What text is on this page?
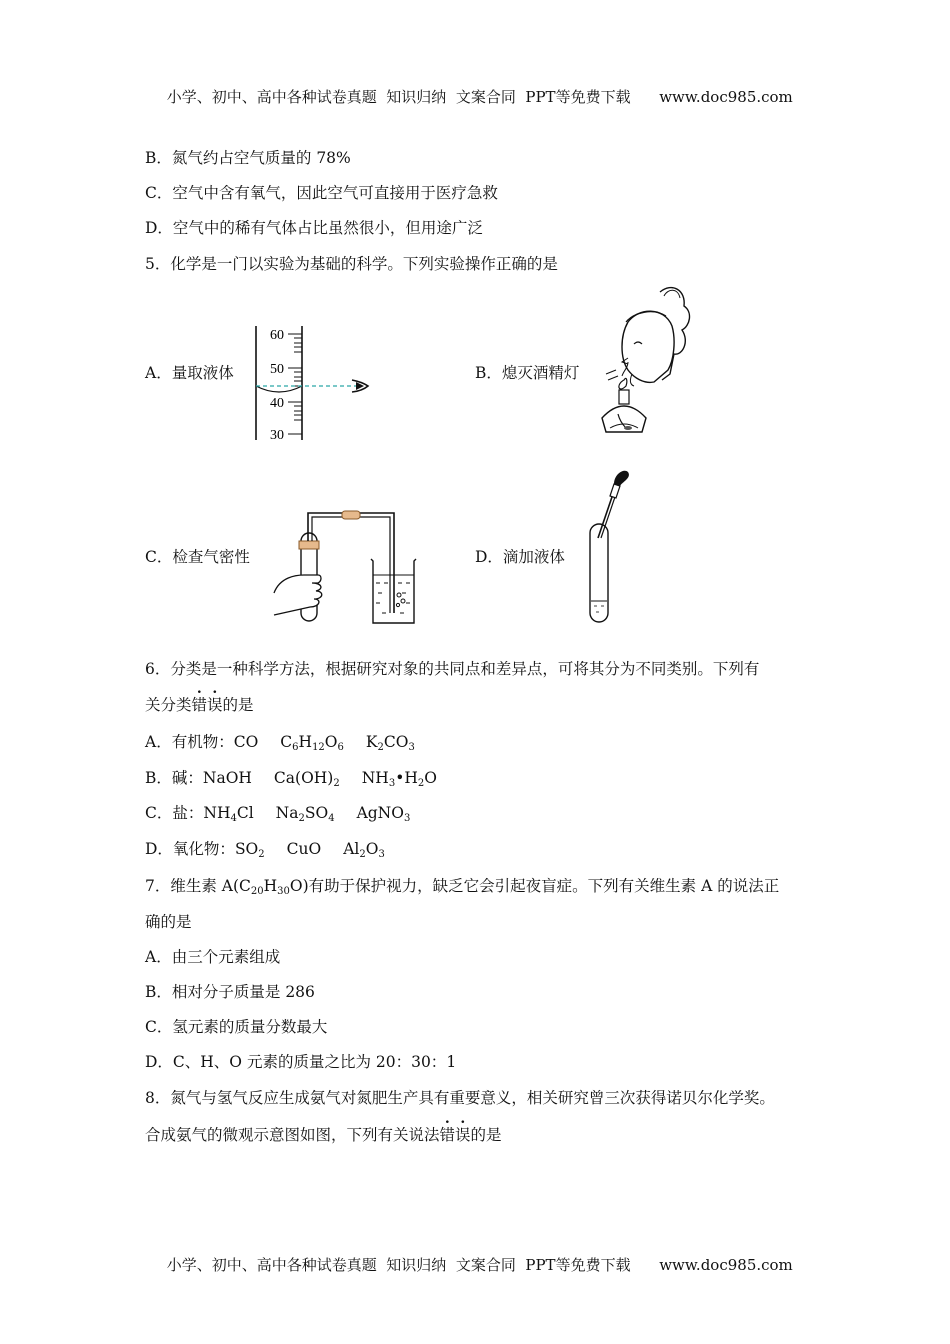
小学、初中、高中各种试卷真题  知识归纳  文案合同  PPT等免费下载 www.doc985.com

B．氮气约占空气质量的 78%
C．空气中含有氧气，因此空气可直接用于医疗急救
D．空气中的稀有气体占比虽然很小，但用途广泛
5．化学是一门以实验为基础的科学。下列实验操作正确的是
A．量取液体
60
50
40
30
B．熄灭酒精灯
C．检查气密性	D．滴加液体
6．分类是一种科学方法，根据研究对象的共同点和差异点，可将其分为不同类别。下列有
关分类错误的是
A．有机物：CO $C_6H_{12}O_6$ $K_2CO_3$
B．碱：NaOH $Ca(OH)_2$ $NH_3•H_2O$
C．盐：$NH_4Cl$ $Na_2SO_4$ AgNO$_3$
D．氧化物：$SO_2$ CuO $Al_2O_3$
7．维生素 $A(C_{20}H_{30}O)$有助于保护视力，缺乏它会引起夜盲症。下列有关维生素 A 的说法正
确的是
A．由三个元素组成
B．相对分子质量是 286
C．氢元素的质量分数最大
D．C、H、O 元素的质量之比为 20：30：1
8．氮气与氢气反应生成氨气对氮肥生产具有重要意义，相关研究曾三次获得诺贝尔化学奖。
合成氨气的微观示意图如图，下列有关说法错误的是

小学、初中、高中各种试卷真题  知识归纳  文案合同  PPT等免费下载 www.doc985.com
